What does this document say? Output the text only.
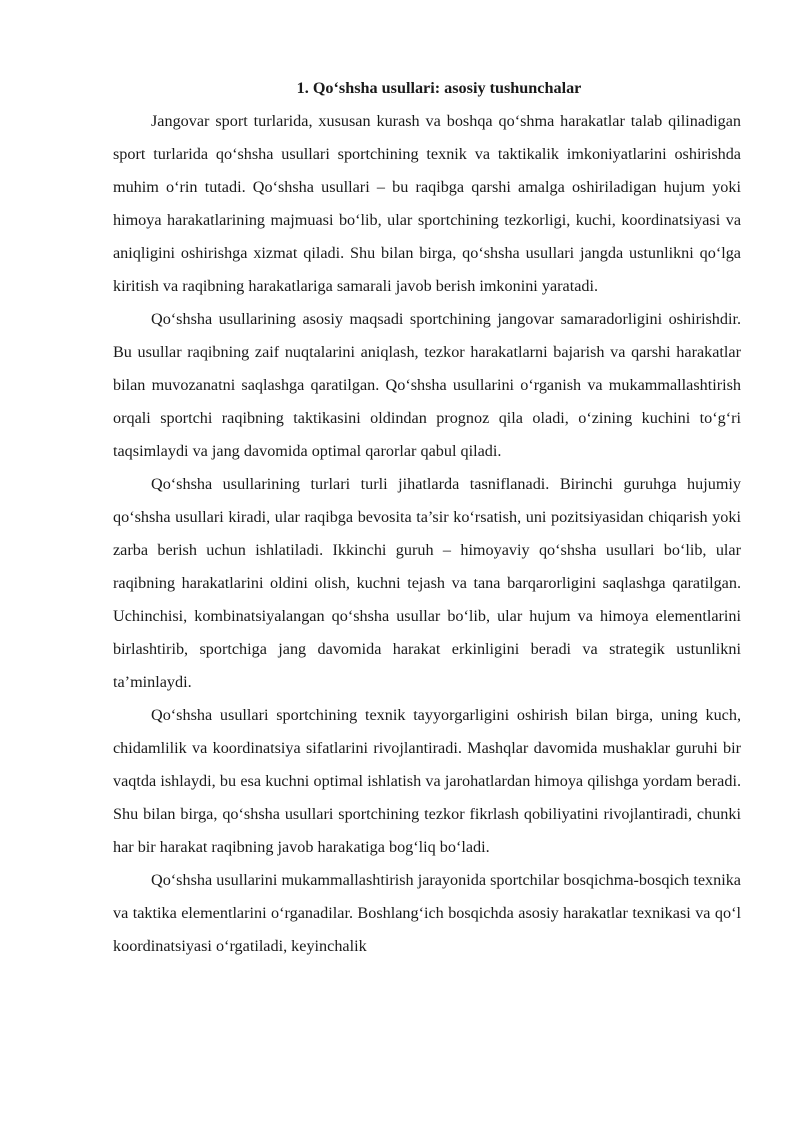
1. Qo‘shsha usullari: asosiy tushunchalar

Jangovar sport turlarida, xususan kurash va boshqa qo‘shma harakatlar talab qilinadigan sport turlarida qo‘shsha usullari sportchining texnik va taktikalik imkoniyatlarini oshirishda muhim o‘rin tutadi. Qo‘shsha usullari – bu raqibga qarshi amalga oshiriladigan hujum yoki himoya harakatlarining majmuasi bo‘lib, ular sportchining tezkorligi, kuchi, koordinatsiyasi va aniqligini oshirishga xizmat qiladi. Shu bilan birga, qo‘shsha usullari jangda ustunlikni qo‘lga kiritish va raqibning harakatlariga samarali javob berish imkonini yaratadi.

Qo‘shsha usullarining asosiy maqsadi sportchining jangovar samaradorligini oshirishdir. Bu usullar raqibning zaif nuqtalarini aniqlash, tezkor harakatlarni bajarish va qarshi harakatlar bilan muvozanatni saqlashga qaratilgan. Qo‘shsha usullarini o‘rganish va mukammallashtirish orqali sportchi raqibning taktikasini oldindan prognoz qila oladi, o‘zining kuchini to‘g‘ri taqsimlaydi va jang davomida optimal qarorlar qabul qiladi.

Qo‘shsha usullarining turlari turli jihatlarda tasniflanadi. Birinchi guruhga hujumiy qo‘shsha usullari kiradi, ular raqibga bevosita ta’sir ko‘rsatish, uni pozitsiyasidan chiqarish yoki zarba berish uchun ishlatiladi. Ikkinchi guruh – himoyaviy qo‘shsha usullari bo‘lib, ular raqibning harakatlarini oldini olish, kuchni tejash va tana barqarorligini saqlashga qaratilgan. Uchinchisi, kombinatsiyalangan qo‘shsha usullar bo‘lib, ular hujum va himoya elementlarini birlashtirib, sportchiga jang davomida harakat erkinligini beradi va strategik ustunlikni ta’minlaydi.

Qo‘shsha usullari sportchining texnik tayyorgarligini oshirish bilan birga, uning kuch, chidamlilik va koordinatsiya sifatlarini rivojlantiradi. Mashqlar davomida mushaklar guruhi bir vaqtda ishlaydi, bu esa kuchni optimal ishlatish va jarohatlardan himoya qilishga yordam beradi. Shu bilan birga, qo‘shsha usullari sportchining tezkor fikrlash qobiliyatini rivojlantiradi, chunki har bir harakat raqibning javob harakatiga bog‘liq bo‘ladi.

Qo‘shsha usullarini mukammallashtirish jarayonida sportchilar bosqichma-bosqich texnika va taktika elementlarini o‘rganadilar. Boshlang‘ich bosqichda asosiy harakatlar texnikasi va qo‘l koordinatsiyasi o‘rgatiladi, keyinchalik
